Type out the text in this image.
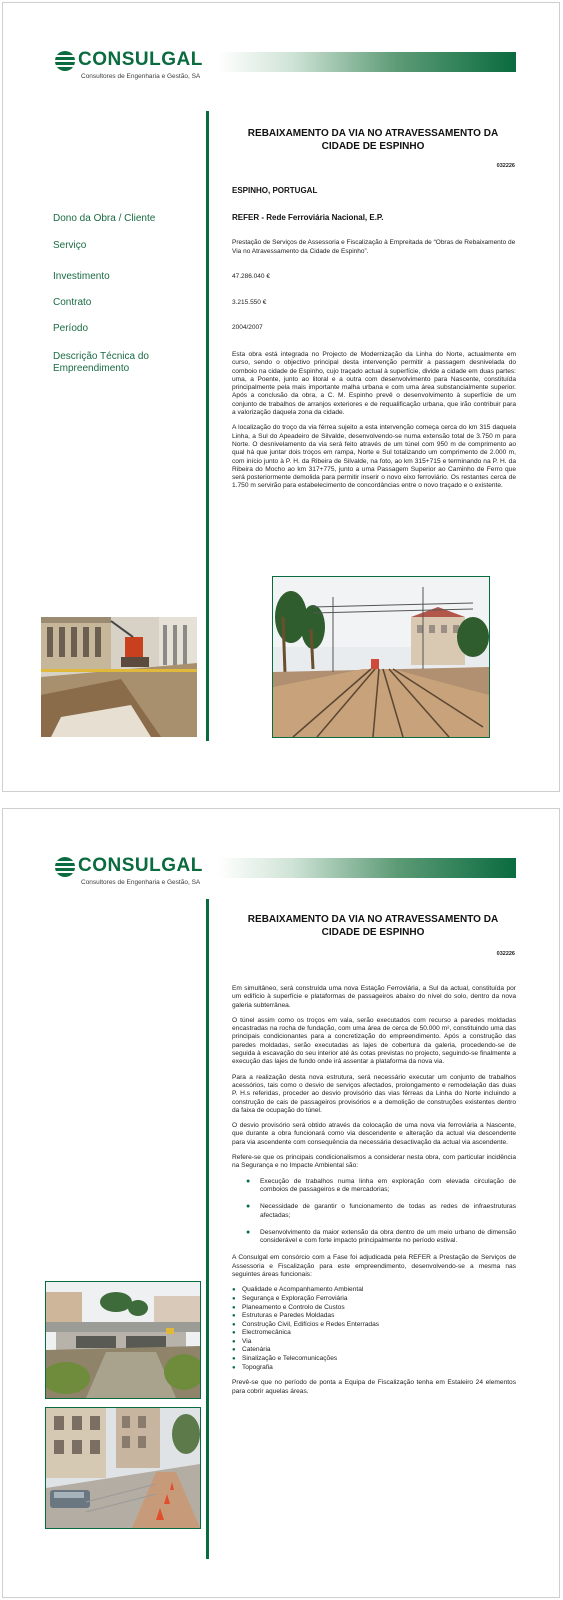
CONSULGAL
Consultores de Engenharia e Gestão, SA
REBAIXAMENTO DA VIA NO ATRAVESSAMENTO DA
CIDADE DE ESPINHO
032226
ESPINHO, PORTUGAL
Dono da Obra / Cliente	REFER - Rede Ferroviária Nacional, E.P.
Serviço	Prestação de Serviços de Assessoria e Fiscalização à Empreitada de “Obras de Rebaixamento de Via no Atravessamento da Cidade de Espinho”.
Investimento	47.286.040 €
Contrato	3.215.550 €
Período	2004/2007
Descrição Técnica do Empreendimento

Esta obra está integrada no Projecto de Modernização da Linha do Norte, actualmente em curso, sendo o objectivo principal desta intervenção permitir a passagem desnivelada do comboio na cidade de Espinho, cujo traçado actual à superfície, divide a cidade em duas partes: uma, a Poente, junto ao litoral e a outra com desenvolvimento para Nascente, constituída principalmente pela mais importante malha urbana e com uma área substancialmente superior. Após a conclusão da obra, a C. M. Espinho prevê o desenvolvimento à superfície de um conjunto de trabalhos de arranjos exteriores e de requalificação urbana, que irão contribuir para a valorização daquela zona da cidade.

A localização do troço da via férrea sujeito a esta intervenção começa cerca do km 315 daquela Linha, a Sul do Apeadeiro de Silvalde, desenvolvendo-se numa extensão total de 3.750 m para Norte. O desnivelamento da via será feito através de um túnel com 950 m de comprimento ao qual há que juntar dois troços em rampa, Norte e Sul totalizando um comprimento de 2.000 m, com início junto à P. H. da Ribeira de Silvalde, na foto, ao km 315+715 e terminando na P. H. da Ribeira do Mocho ao km 317+775, junto a uma Passagem Superior ao Caminho de Ferro que será posteriormente demolida para permitir inserir o novo eixo ferroviário. Os restantes cerca de 1.750 m servirão para estabelecimento de concordâncias entre o novo traçado e o existente.

CONSULGAL
Consultores de Engenharia e Gestão, SA
REBAIXAMENTO DA VIA NO ATRAVESSAMENTO DA
CIDADE DE ESPINHO
032226

Em simultâneo, será construída uma nova Estação Ferroviária, a Sul da actual, constituída por um edifício à superfície e plataformas de passageiros abaixo do nível do solo, dentro da nova galeria subterrânea.

O túnel assim como os troços em vala, serão executados com recurso a paredes moldadas encastradas na rocha de fundação, com uma área de cerca de 50.000 m², constituindo uma das principais condicionantes para a concretização do empreendimento. Após a construção das paredes moldadas, serão executadas as lajes de cobertura da galeria, procedendo-se de seguida à escavação do seu interior até às cotas previstas no projecto, seguindo-se finalmente a execução das lajes de fundo onde irá assentar a plataforma da nova via.

Para a realização desta nova estrutura, será necessário executar um conjunto de trabalhos acessórios, tais como o desvio de serviços afectados, prolongamento e remodelação das duas P. H.s referidas, proceder ao desvio provisório das vias férreas da Linha do Norte incluindo a construção de cais de passageiros provisórios e a demolição de construções existentes dentro da faixa de ocupação do túnel.

O desvio provisório será obtido através da colocação de uma nova via ferroviária a Nascente, que durante a obra funcionará como via descendente e alteração da actual via descendente para via ascendente com consequência da necessária desactivação da actual via ascendente.

Refere-se que os principais condicionalismos a considerar nesta obra, com particular incidência na Segurança e no Impacte Ambiental são:

● Execução de trabalhos numa linha em exploração com elevada circulação de comboios de passageiros e de mercadorias;
● Necessidade de garantir o funcionamento de todas as redes de infraestruturas afectadas;
● Desenvolvimento da maior extensão da obra dentro de um meio urbano de dimensão considerável e com forte impacto principalmente no período estival.

A Consulgal em consórcio com a Fase foi adjudicada pela REFER a Prestação de Serviços de Assessoria e Fiscalização para este empreendimento, desenvolvendo-se a mesma nas seguintes áreas funcionais:

● Qualidade e Acompanhamento Ambiental
● Segurança e Exploração Ferroviária
● Planeamento e Controlo de Custos
● Estruturas e Paredes Moldadas
● Construção Civil, Edifícios e Redes Enterradas
● Electromecânica
● Via
● Catenária
● Sinalização e Telecomunicações
● Topografia

Prevê-se que no período de ponta a Equipa de Fiscalização tenha em Estaleiro 24 elementos para cobrir aquelas áreas.
